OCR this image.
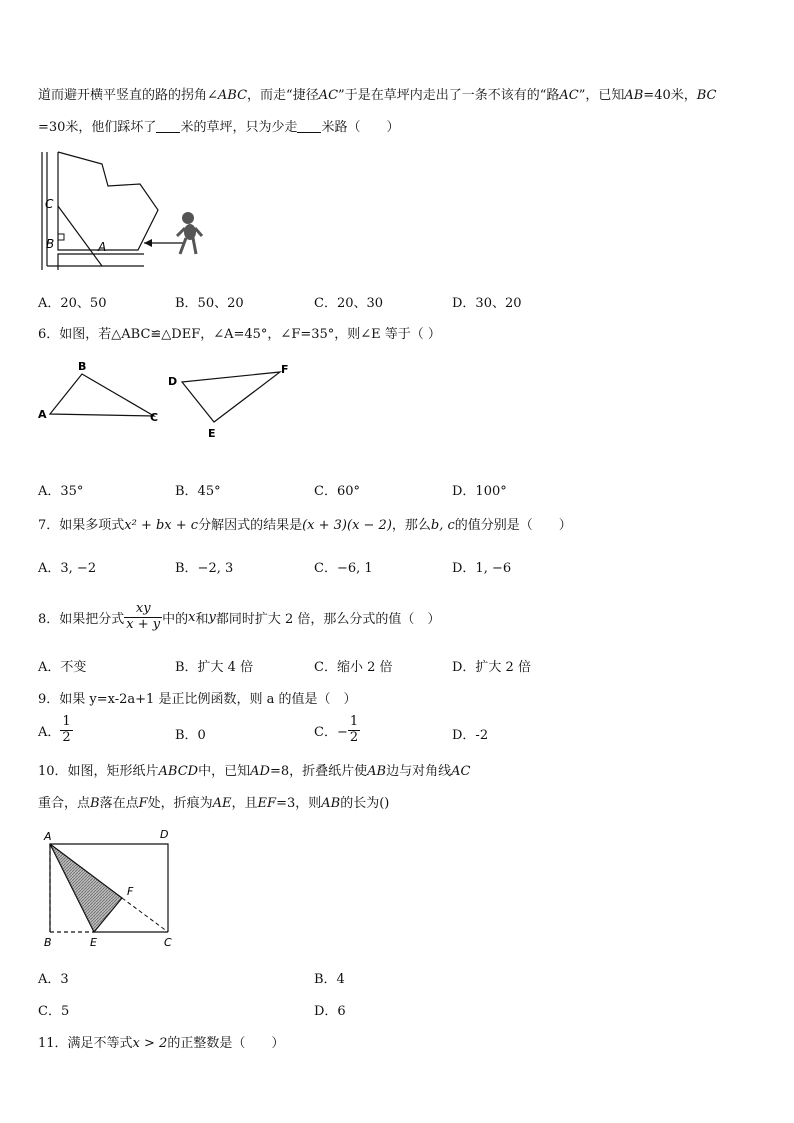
道而避开横平竖直的路的拐角∠ABC，而走“捷径AC”于是在草坪内走出了一条不该有的“路AC”，已知AB=40米，BC
=30米，他们踩坏了 米的草坪，只为少走 米路（　　）
C
B	A
A．20、50	B．50、20	C．20、30	D．30、20
6．如图，若△ABC≌△DEF，∠A=45°，∠F=35°，则∠E 等于（ ）
A
B
C
D
F
E
A．35°	B．45°	C．60°	D．100°
7．如果多项式x² + bx + c分解因式的结果是(x + 3)(x − 2)，那么b, c的值分别是（　　）
A．3, −2	B．−2, 3	C．−6, 1	D．1, −6
8．如果把分式 $\frac{xy}{x + y}$ 中的 x 和 y 都同时扩大 2 倍，那么分式的值（　）
A．不变	B．扩大 4 倍	C．缩小 2 倍	D．扩大 2 倍
9．如果 y=x-2a+1 是正比例函数，则 a 的值是（　）
A． $\frac{1}{2}$	B．0	C．− $\frac{1}{2}$	D．-2
10．如图，矩形纸片ABCD中，已知AD=8，折叠纸片使AB边与对角线AC
重合，点B落在点F处，折痕为AE，且EF=3，则AB的长为()
A	D
F
B	E	C
A．3	B．4
C．5	D．6
11．满足不等式x > 2的正整数是（　　）
